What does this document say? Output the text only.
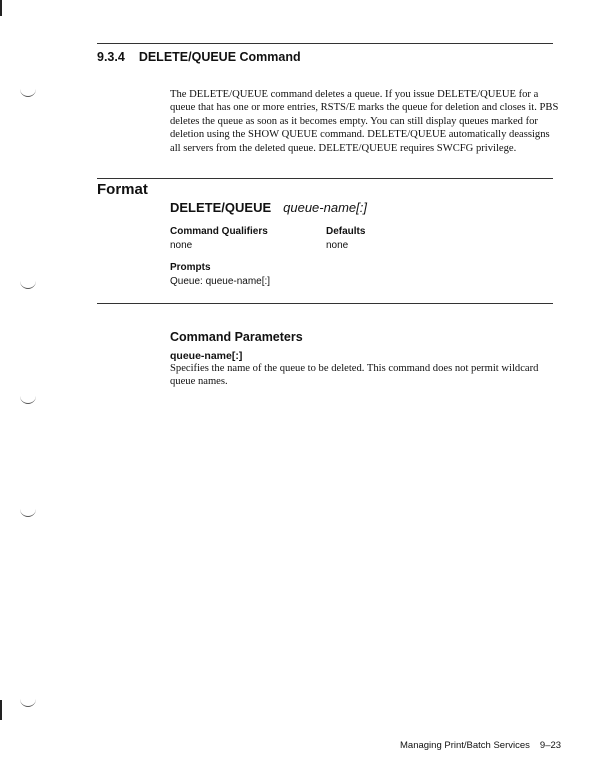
9.3.4 DELETE/QUEUE Command
The DELETE/QUEUE command deletes a queue. If you issue DELETE/QUEUE for a queue that has one or more entries, RSTS/E marks the queue for deletion and closes it. PBS deletes the queue as soon as it becomes empty. You can still display queues marked for deletion using the SHOW QUEUE command. DELETE/QUEUE automatically deassigns all servers from the deleted queue. DELETE/QUEUE requires SWCFG privilege.
Format
DELETE/QUEUE queue-name[:]
Command Qualifiers
none
Defaults
none
Prompts
Queue: queue-name[:]
Command Parameters
queue-name[:]
Specifies the name of the queue to be deleted. This command does not permit wildcard queue names.
Managing Print/Batch Services 9–23
